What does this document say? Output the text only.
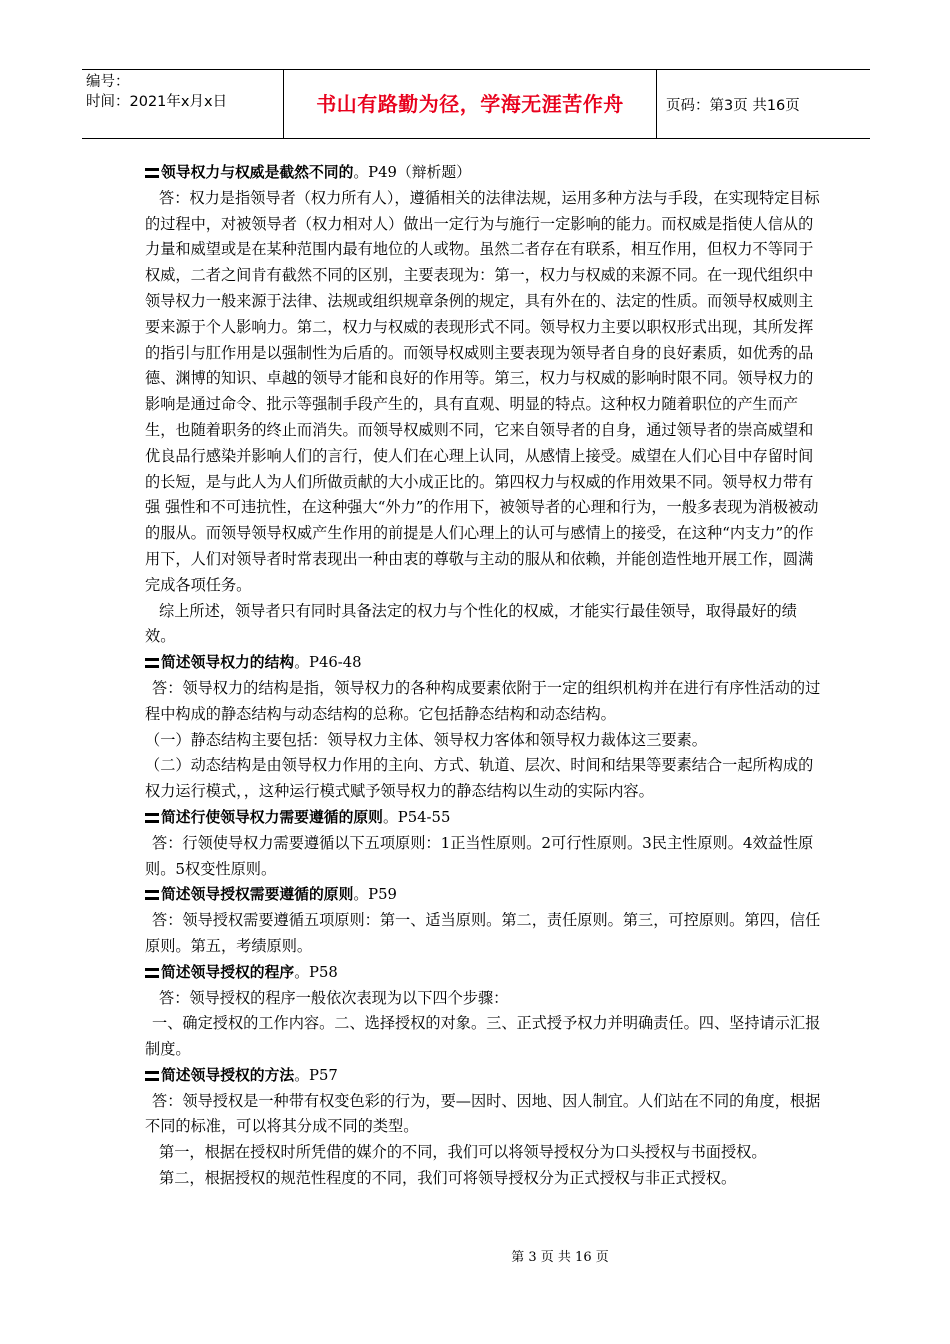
编号：
时间：2021年x月x日	书山有路勤为径，学海无涯苦作舟	页码：第3页 共16页

领导权力与权威是截然不同的。P49（辩析题）

答：权力是指领导者（权力所有人），遵循相关的法律法规，运用多种方法与手段，在实现特定目标的过程中，对被领导者（权力相对人）做出一定行为与施行一定影响的能力。而权威是指使人信从的力量和威望或是在某种范围内最有地位的人或物。虽然二者存在有联系，相互作用，但权力不等同于权威，二者之间肯有截然不同的区别，主要表现为：第一，权力与权威的来源不同。在一现代组织中领导权力一般来源于法律、法规或组织规章条例的规定，具有外在的、法定的性质。而领导权威则主要来源于个人影响力。第二，权力与权威的表现形式不同。领导权力主要以职权形式出现，其所发挥的指引与肛作用是以强制性为后盾的。而领导权威则主要表现为领导者自身的良好素质，如优秀的品德、渊博的知识、卓越的领导才能和良好的作用等。第三，权力与权威的影响时限不同。领导权力的影响是通过命令、批示等强制手段产生的，具有直观、明显的特点。这种权力随着职位的产生而产生，也随着职务的终止而消失。而领导权威则不同，它来自领导者的自身，通过领导者的崇高威望和优良品行感染并影响人们的言行，使人们在心理上认同，从感情上接受。威望在人们心目中存留时间的长短，是与此人为人们所做贡献的大小成正比的。第四权力与权威的作用效果不同。领导权力带有强 强性和不可违抗性，在这种强大“外力”的作用下，被领导者的心理和行为，一般多表现为消极被动的服从。而领导领导权威产生作用的前提是人们心理上的认可与感情上的接受，在这种“内支力”的作用下，人们对领导者时常表现出一种由衷的尊敬与主动的服从和依赖，并能创造性地开展工作，圆满完成各项任务。

综上所述，领导者只有同时具备法定的权力与个性化的权威，才能实行最佳领导，取得最好的绩效。

简述领导权力的结构。P46-48

答：领导权力的结构是指，领导权力的各种构成要素依附于一定的组织机构并在进行有序性活动的过程中构成的静态结构与动态结构的总称。它包括静态结构和动态结构。

（一）静态结构主要包括：领导权力主体、领导权力客体和领导权力裁体这三要素。

（二）动态结构是由领导权力作用的主向、方式、轨道、层次、时间和结果等要素结合一起所构成的权力运行模式，，这种运行模式赋予领导权力的静态结构以生动的实际内容。

简述行使领导权力需要遵循的原则。P54-55

答：行领使导权力需要遵循以下五项原则：1正当性原则。2可行性原则。3民主性原则。4效益性原则。5权变性原则。

简述领导授权需要遵循的原则。P59

答：领导授权需要遵循五项原则：第一、适当原则。第二，责任原则。第三，可控原则。第四，信任原则。第五，考绩原则。

简述领导授权的程序。P58

答：领导授权的程序一般依次表现为以下四个步骤：

一、确定授权的工作内容。二、选择授权的对象。三、正式授予权力并明确责任。四、坚持请示汇报制度。

简述领导授权的方法。P57

答：领导授权是一种带有权变色彩的行为，要—因时、因地、因人制宜。人们站在不同的角度，根据不同的标准，可以将其分成不同的类型。

第一，根据在授权时所凭借的媒介的不同，我们可以将领导授权分为口头授权与书面授权。

第二，根据授权的规范性程度的不同，我们可将领导授权分为正式授权与非正式授权。

第 3 页 共 16 页
